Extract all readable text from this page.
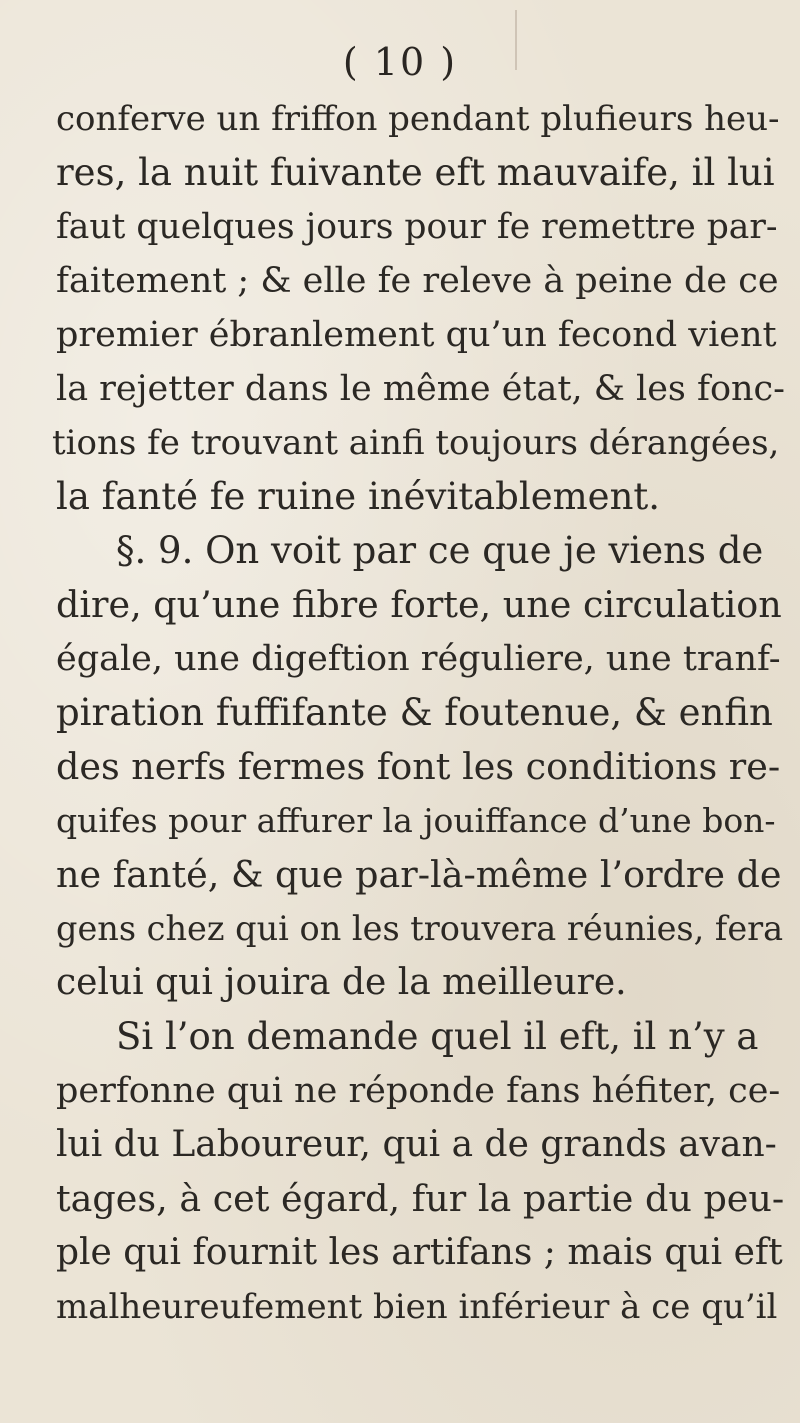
( 10 )
conferve un friffon pendant plufieurs heu-
res, la nuit fuivante eft mauvaife, il lui
faut quelques jours pour fe remettre par-
faitement ; & elle fe releve à peine de ce
premier ébranlement qu’un fecond vient
la rejetter dans le même état, & les fonc-
tions fe trouvant ainfi toujours dérangées,
la fanté fe ruine inévitablement.
§. 9. On voit par ce que je viens de
dire, qu’une fibre forte, une circulation
égale, une digeftion réguliere, une tranf-
piration fuffifante & foutenue, & enfin
des nerfs fermes font les conditions re-
quifes pour affurer la jouiffance d’une bon-
ne fanté, & que par-là-même l’ordre de
gens chez qui on les trouvera réunies, fera
celui qui jouira de la meilleure.
Si l’on demande quel il eft, il n’y a
perfonne qui ne réponde fans héfiter, ce-
lui du Laboureur, qui a de grands avan-
tages, à cet égard, fur la partie du peu-
ple qui fournit les artifans ; mais qui eft
malheureufement bien inférieur à ce qu’il
